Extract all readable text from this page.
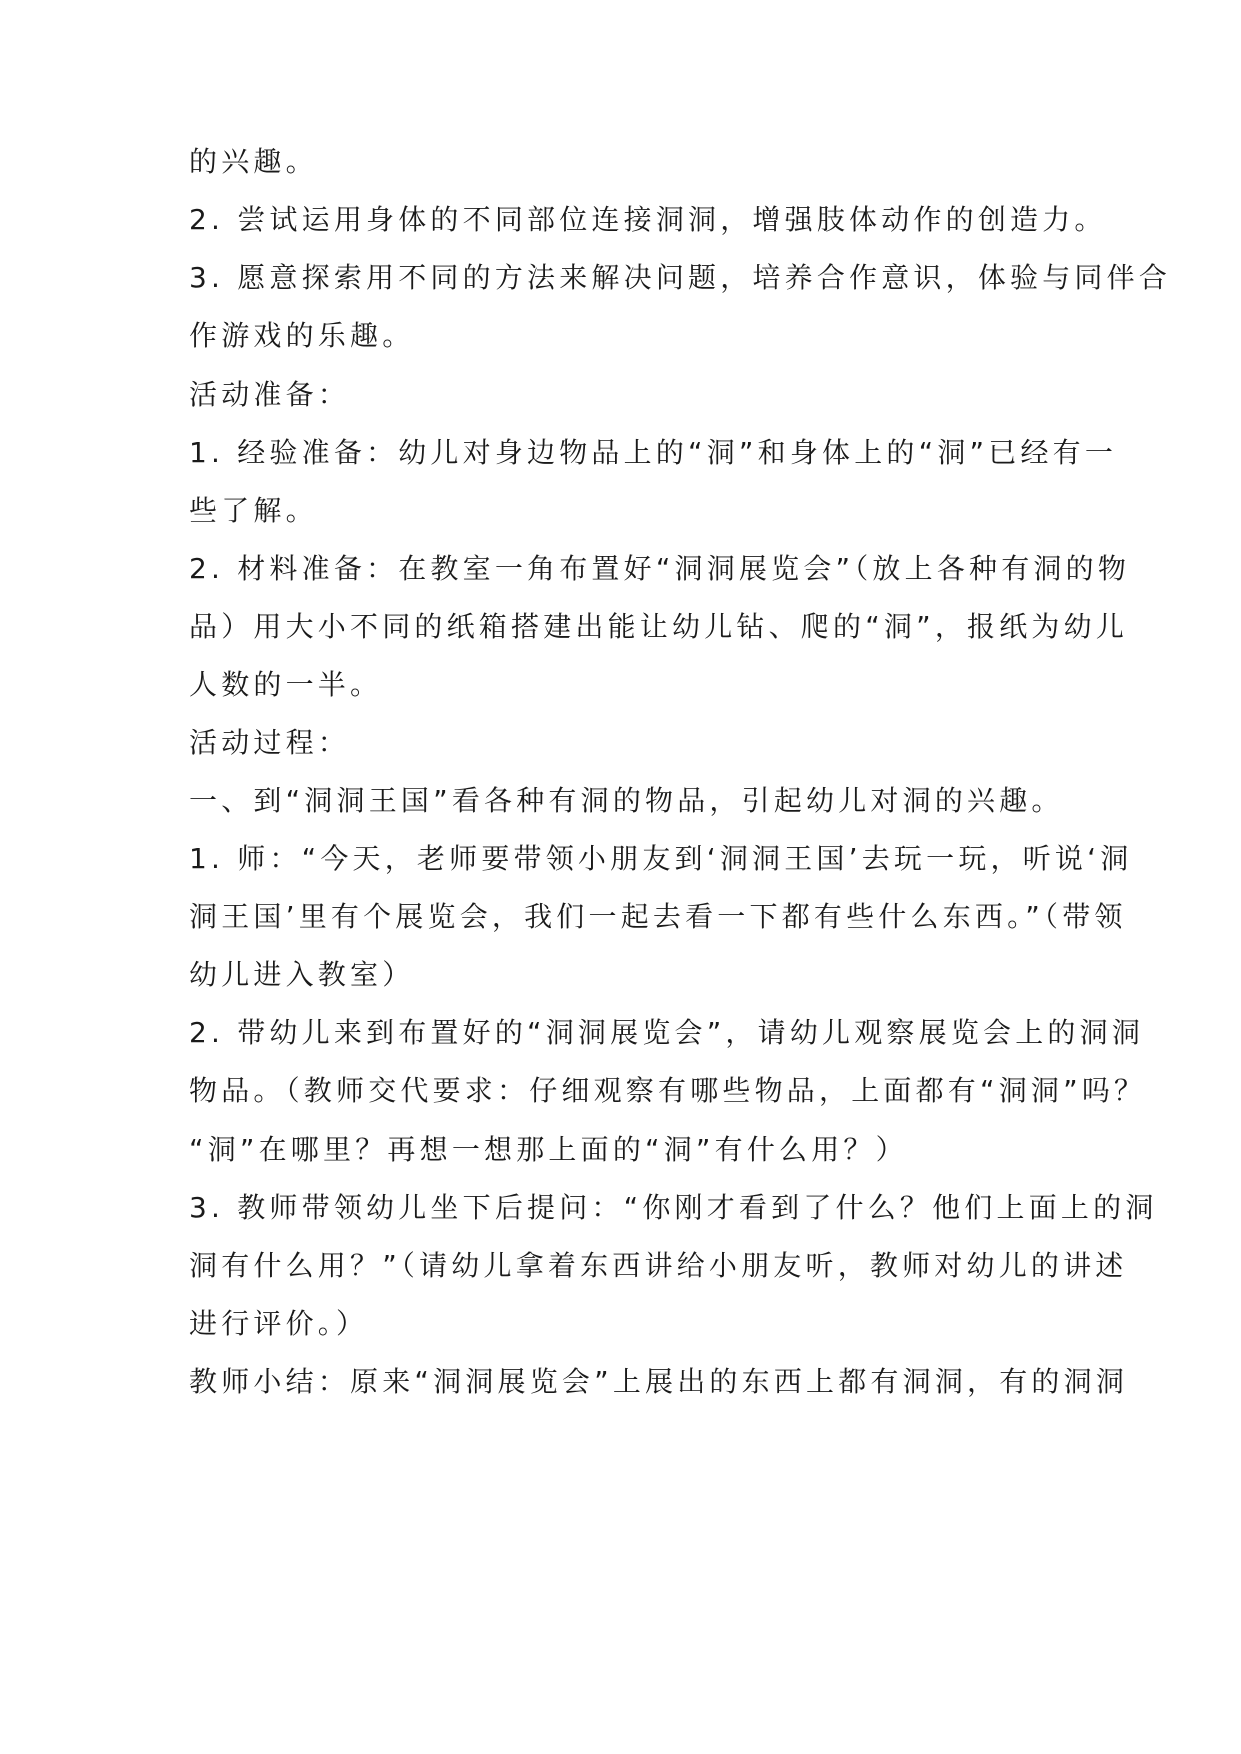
的兴趣。
2. 尝试运用身体的不同部位连接洞洞，增强肢体动作的创造力。
3. 愿意探索用不同的方法来解决问题，培养合作意识，体验与同伴合
作游戏的乐趣。
活动准备：
1. 经验准备：幼儿对身边物品上的“洞”和身体上的“洞”已经有一
些了解。
2. 材料准备：在教室一角布置好“洞洞展览会”（放上各种有洞的物
品）用大小不同的纸箱搭建出能让幼儿钻、爬的“洞”，报纸为幼儿
人数的一半。
活动过程：
一、到“洞洞王国”看各种有洞的物品，引起幼儿对洞的兴趣。
1. 师：“今天，老师要带领小朋友到‘洞洞王国’去玩一玩，听说‘洞
洞王国’里有个展览会，我们一起去看一下都有些什么东西。”（带领
幼儿进入教室）
2. 带幼儿来到布置好的“洞洞展览会”，请幼儿观察展览会上的洞洞
物品。（教师交代要求：仔细观察有哪些物品，上面都有“洞洞”吗？
“洞”在哪里？再想一想那上面的“洞”有什么用？）
3. 教师带领幼儿坐下后提问：“你刚才看到了什么？他们上面上的洞
洞有什么用？”（请幼儿拿着东西讲给小朋友听，教师对幼儿的讲述
进行评价。）
教师小结：原来“洞洞展览会”上展出的东西上都有洞洞，有的洞洞
